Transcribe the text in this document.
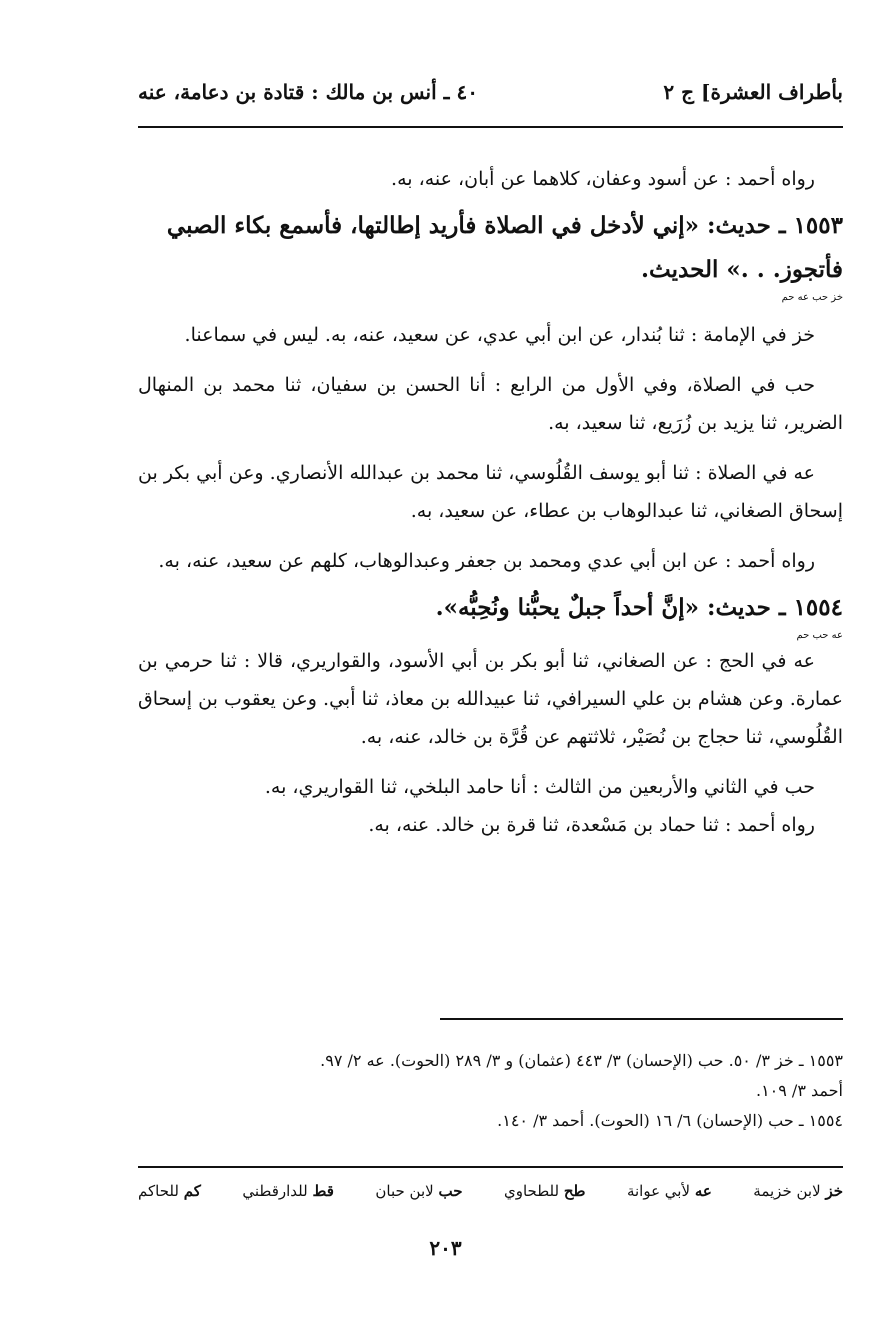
بأطراف العشرة] ج ٢
٤٠ ـ أنس بن مالك : قتادة بن دعامة، عنه

رواه أحمد : عن أسود وعفان، كلاهما عن أبان، عنه، به.

١٥٥٣ ـ حديث: «إني لأدخل في الصلاة فأريد إطالتها، فأسمع بكاء الصبي فأتجوز. . .» الحديث.
خز حب عه حم

خز في الإمامة : ثنا بُندار، عن ابن أبي عدي، عن سعيد، عنه، به. ليس في سماعنا.

حب في الصلاة، وفي الأول من الرابع : أنا الحسن بن سفيان، ثنا محمد بن المنهال الضرير، ثنا يزيد بن زُرَيع، ثنا سعيد، به.

عه في الصلاة : ثنا أبو يوسف القُلُوسي، ثنا محمد بن عبدالله الأنصاري. وعن أبي بكر بن إسحاق الصغاني، ثنا عبدالوهاب بن عطاء، عن سعيد، به.

رواه أحمد : عن ابن أبي عدي ومحمد بن جعفر وعبدالوهاب، كلهم عن سعيد، عنه، به.

١٥٥٤ ـ حديث: «إنَّ أحداً جبلٌ يحبُّنا ونُحِبُّه».
عه حب حم

عه في الحج : عن الصغاني، ثنا أبو بكر بن أبي الأسود، والقواريري، قالا : ثنا حرمي بن عمارة. وعن هشام بن علي السيرافي، ثنا عبيدالله بن معاذ، ثنا أبي. وعن يعقوب بن إسحاق القُلُوسي، ثنا حجاج بن نُصَيْر، ثلاثتهم عن قُرَّة بن خالد، عنه، به.

حب في الثاني والأربعين من الثالث : أنا حامد البلخي، ثنا القواريري، به.

رواه أحمد : ثنا حماد بن مَسْعدة، ثنا قرة بن خالد. عنه، به.

١٥٥٣ ـ خز ٣/ ٥٠. حب (الإحسان) ٣/ ٤٤٣ (عثمان) و ٣/ ٢٨٩ (الحوت). عه ٢/ ٩٧.
أحمد ٣/ ١٠٩.
١٥٥٤ ـ حب (الإحسان) ٦/ ١٦ (الحوت). أحمد ٣/ ١٤٠.
خز لابن خزيمة
عه لأبي عوانة
طح للطحاوي
حب لابن حبان
قط للدارقطني
كم للحاكم
٢٠٣
